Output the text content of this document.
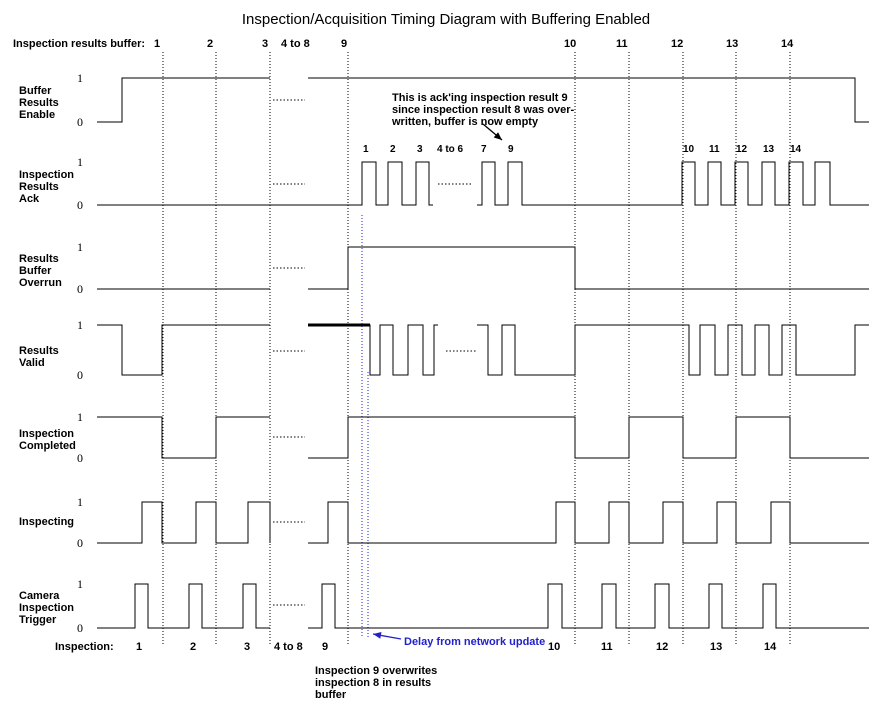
Inspection/Acquisition Timing Diagram with Buffering Enabled
1	2	3 4 to 8	9	10	11	12	13	14
1	2	3 4 to 8 9	10	11	12	13	14
Buffer
Results
Enable
1
0
Inspection
Results
Ack
1
0
1 2 3 4 to 6 7 9	10 11 12 13 14
Results
Buffer
Overrun
1
0
Results
Valid
1
0
Inspection
Completed
1
0
Inspecting
1
0
Camera
Inspection
Trigger
1
0
Inspection results buffer:
Inspection:
This is ack'ing inspection result 9
since inspection result 8 was over-
written, buffer is now empty
Delay from network update
Inspection 9 overwrites
inspection 8 in results
buffer
